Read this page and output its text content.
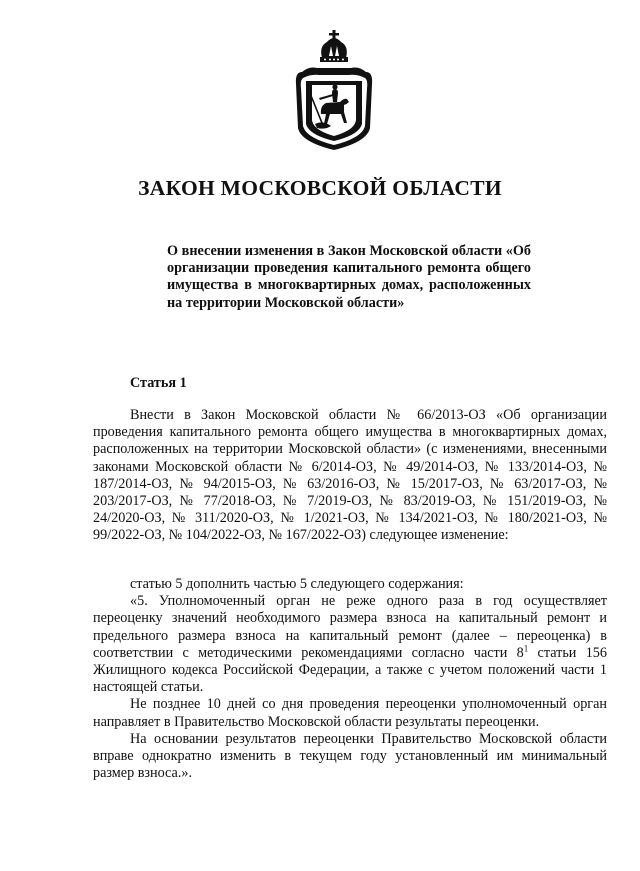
ЗАКОН МОСКОВСКОЙ ОБЛАСТИ
О внесении изменения в Закон Московской области «Об организации проведения капитального ремонта общего имущества в многоквартирных домах, расположенных на территории Московской области»
Статья 1

Внести в Закон Московской области № 66/2013-ОЗ «Об организации проведения капитального ремонта общего имущества в многоквартирных домах, расположенных на территории Московской области» (с изменениями, внесенными законами Московской области № 6/2014-ОЗ, № 49/2014-ОЗ, № 133/2014-ОЗ, № 187/2014-ОЗ, № 94/2015-ОЗ, № 63/2016-ОЗ, № 15/2017-ОЗ, № 63/2017-ОЗ, № 203/2017-ОЗ, № 77/2018-ОЗ, № 7/2019-ОЗ, № 83/2019-ОЗ, № 151/2019-ОЗ, № 24/2020-ОЗ, № 311/2020-ОЗ, № 1/2021-ОЗ, № 134/2021-ОЗ, № 180/2021-ОЗ, № 99/2022-ОЗ, № 104/2022-ОЗ, № 167/2022-ОЗ) следующее изменение:

статью 5 дополнить частью 5 следующего содержания:

«5. Уполномоченный орган не реже одного раза в год осуществляет переоценку значений необходимого размера взноса на капитальный ремонт и предельного размера взноса на капитальный ремонт (далее – переоценка) в соответствии с методическими рекомендациями согласно части $8^1$ статьи 156 Жилищного кодекса Российской Федерации, а также с учетом положений части 1 настоящей статьи.

Не позднее 10 дней со дня проведения переоценки уполномоченный орган направляет в Правительство Московской области результаты переоценки.

На основании результатов переоценки Правительство Московской области вправе однократно изменить в текущем году установленный им минимальный размер взноса.».
